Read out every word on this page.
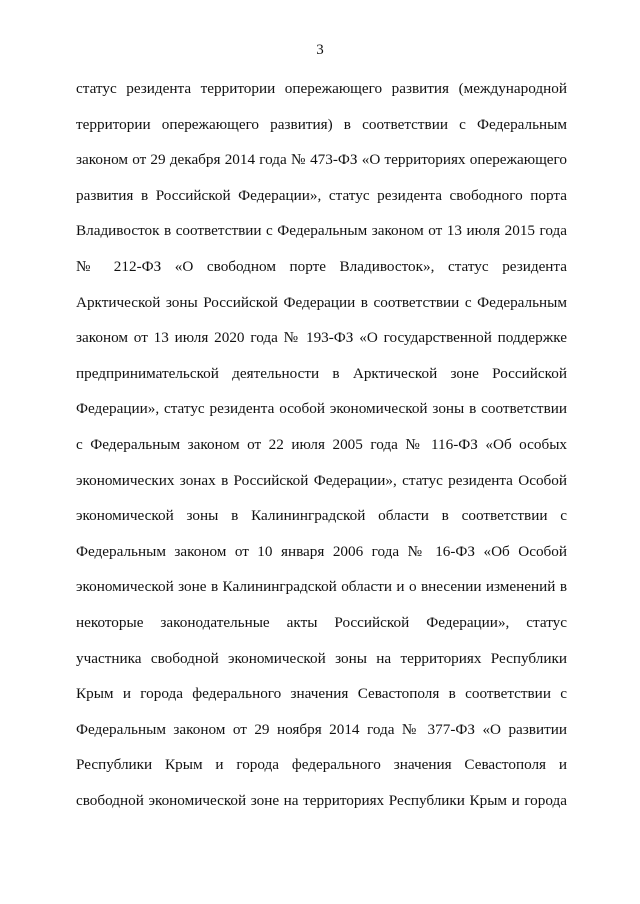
3
статус резидента территории опережающего развития (международной
территории опережающего развития) в соответствии с Федеральным
законом от 29 декабря 2014 года № 473-ФЗ «О территориях опережающего
развития в Российской Федерации», статус резидента свободного порта
Владивосток в соответствии с Федеральным законом от 13 июля 2015 года
№ 212-ФЗ «О свободном порте Владивосток», статус резидента
Арктической зоны Российской Федерации в соответствии с Федеральным
законом от 13 июля 2020 года № 193-ФЗ «О государственной поддержке
предпринимательской деятельности в Арктической зоне Российской
Федерации», статус резидента особой экономической зоны в соответствии
с Федеральным законом от 22 июля 2005 года № 116-ФЗ «Об особых
экономических зонах в Российской Федерации», статус резидента Особой
экономической зоны в Калининградской области в соответствии с
Федеральным законом от 10 января 2006 года № 16-ФЗ «Об Особой
экономической зоне в Калининградской области и о внесении изменений в
некоторые законодательные акты Российской Федерации», статус
участника свободной экономической зоны на территориях Республики
Крым и города федерального значения Севастополя в соответствии с
Федеральным законом от 29 ноября 2014 года № 377-ФЗ «О развитии
Республики Крым и города федерального значения Севастополя и
свободной экономической зоне на территориях Республики Крым и города
